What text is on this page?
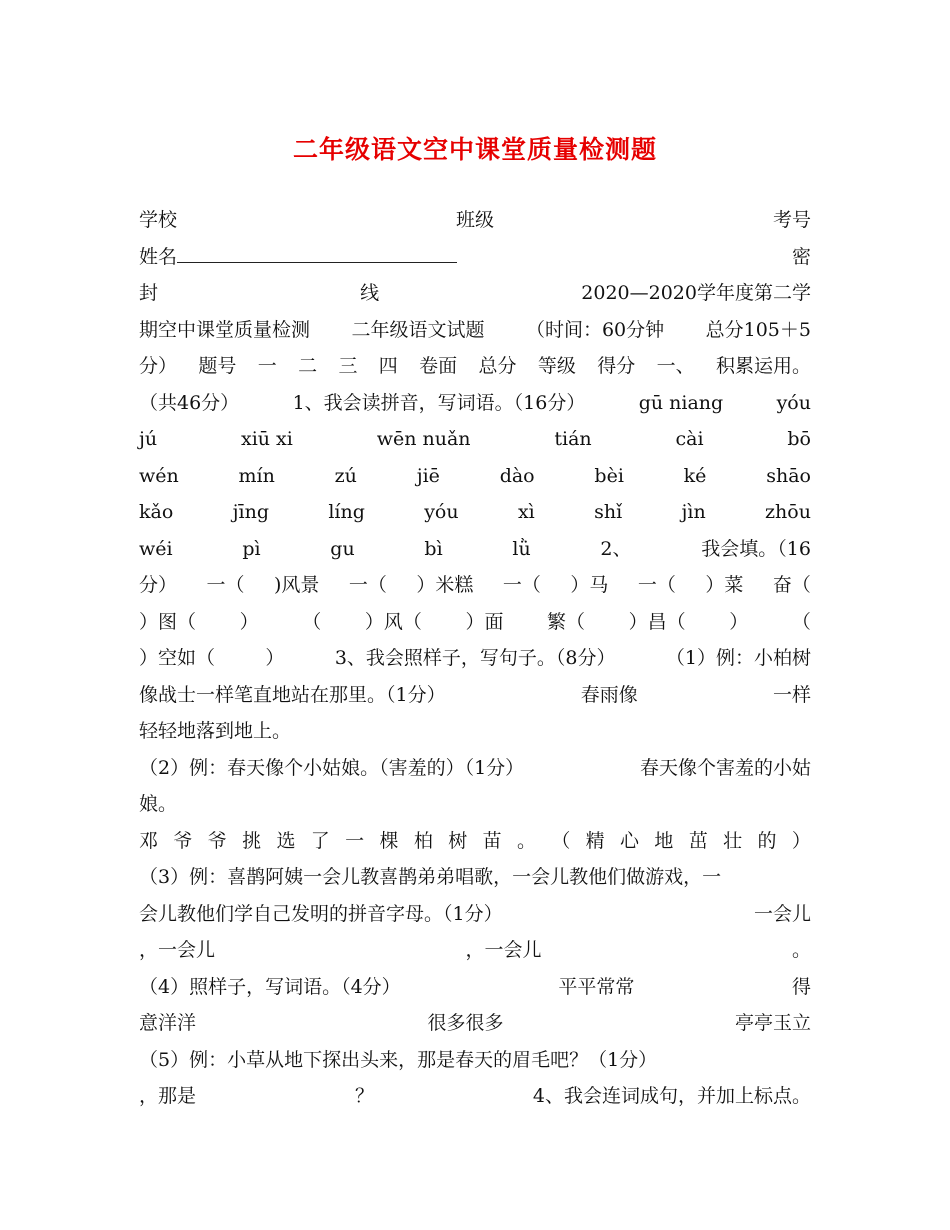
二年级语文空中课堂质量检测题
学校	班级	考号
姓名	密
封	线	2020—2020学年度第二学
期空中课堂质量检测 二年级语文试题 （时间：60分钟 总分105＋5
分） 题号 一 二 三 四 卷面 总分 等级 得分 一、 积累运用。
（共46分）	1、我会读拼音，写词语。（16分）	gū niang	yóu
jú	xiū xi	wēn nuǎn	tián	cài	bō
wén	mín	zú	jiē	dào	bèi	ké	shāo
kǎo	jīng	líng	yóu	xì	shǐ	jìn	zhōu
wéi	pì	gu	bì	lǜ	2、	我会填。（16
分） 一（ )风景 一（ ）米糕 一（ ）马 一（ ）菜 奋（
）图（ ） （ ）风（ ）面 繁（ ）昌（ ） （
）空如（	）	3、我会照样子，写句子。（8分）	（1）例：小柏树
像战士一样笔直地站在那里。（1分）	春雨像	一样
轻轻地落到地上。
（2）例：春天像个小姑娘。（害羞的）（1分）	春天像个害羞的小姑
娘。
邓 爷 爷 挑 选 了 一 棵 柏 树 苗 。 （ 精 心 地 茁 壮 的 ）
（3）例：喜鹊阿姨一会儿教喜鹊弟弟唱歌，一会儿教他们做游戏，一
会儿教他们学自己发明的拼音字母。（1分）	一会儿
，一会儿	，一会儿	。
（4）照样子，写词语。（4分）	平平常常	得
意洋洋	很多很多	亭亭玉立
（5）例：小草从地下探出头来，那是春天的眉毛吧？（1分）
，那是	？	4、我会连词成句，并加上标点。
